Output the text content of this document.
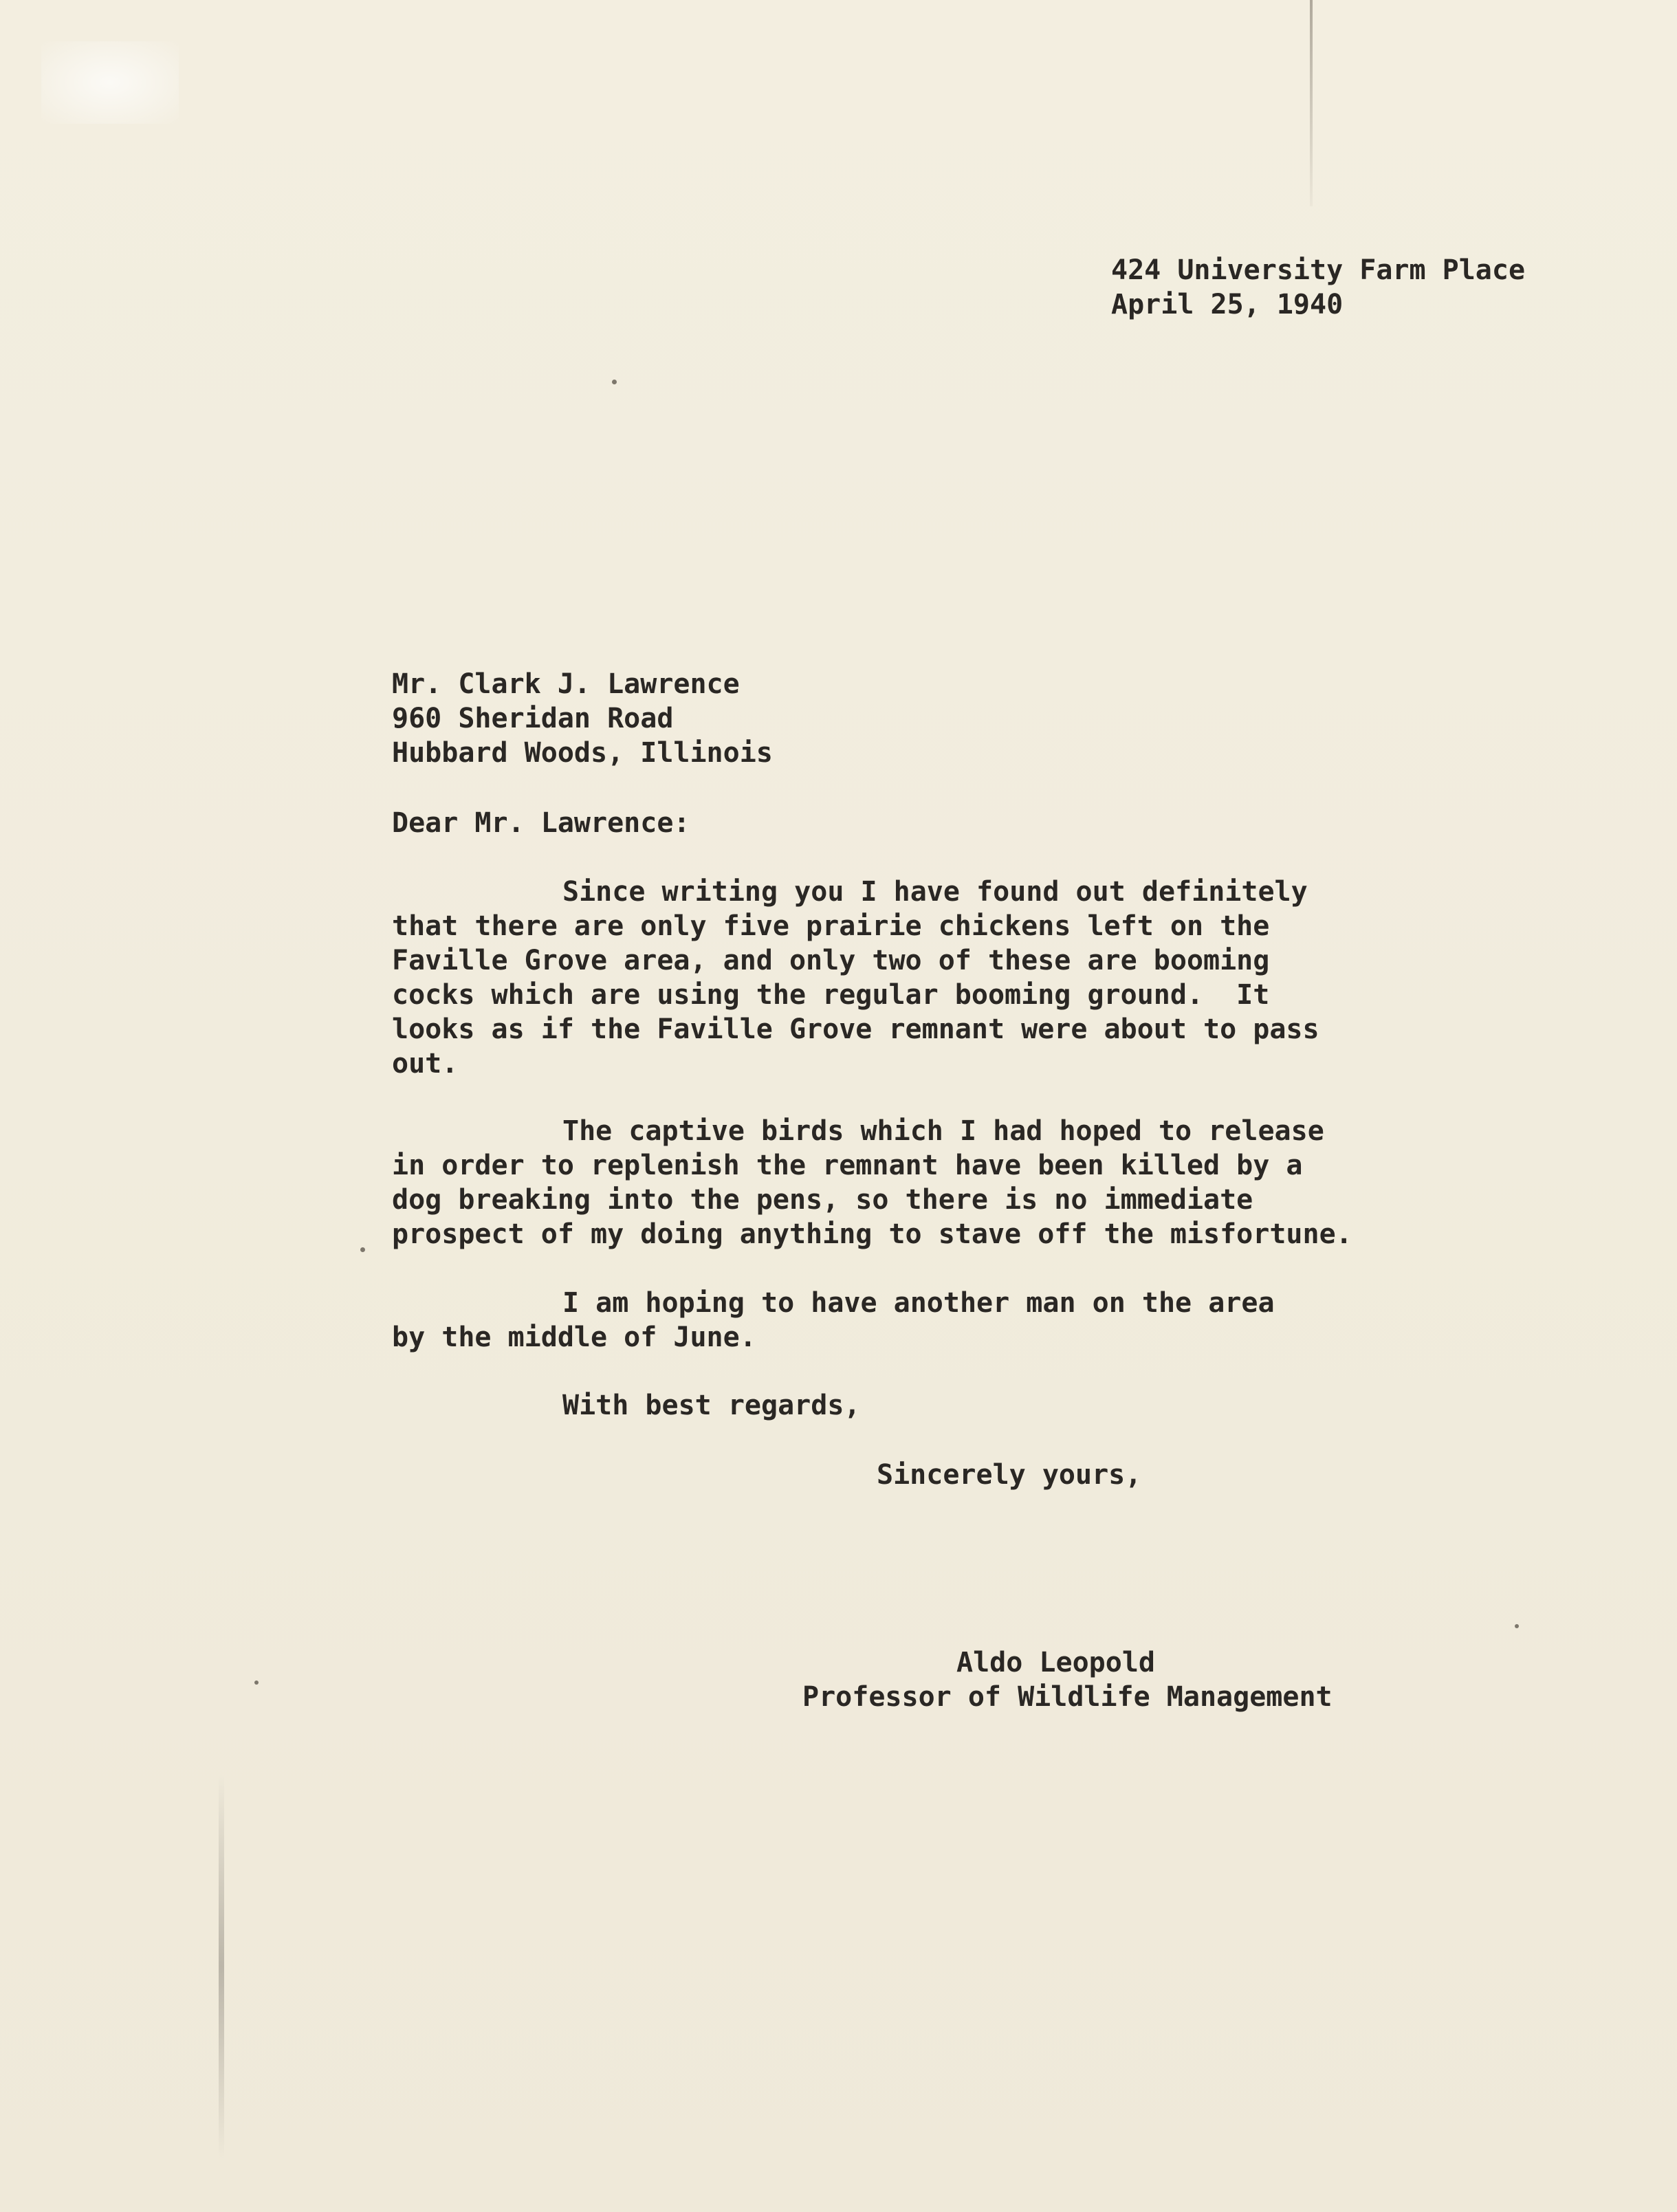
424 University Farm Place
April 25, 1940
Mr. Clark J. Lawrence
960 Sheridan Road
Hubbard Woods, Illinois
Dear Mr. Lawrence:
Since writing you I have found out definitely
that there are only five prairie chickens left on the
Faville Grove area, and only two of these are booming
cocks which are using the regular booming ground.  It
looks as if the Faville Grove remnant were about to pass
out.
The captive birds which I had hoped to release
in order to replenish the remnant have been killed by a
dog breaking into the pens, so there is no immediate
prospect of my doing anything to stave off the misfortune.
I am hoping to have another man on the area
by the middle of June.
With best regards,
Sincerely yours,
Aldo Leopold
Professor of Wildlife Management
